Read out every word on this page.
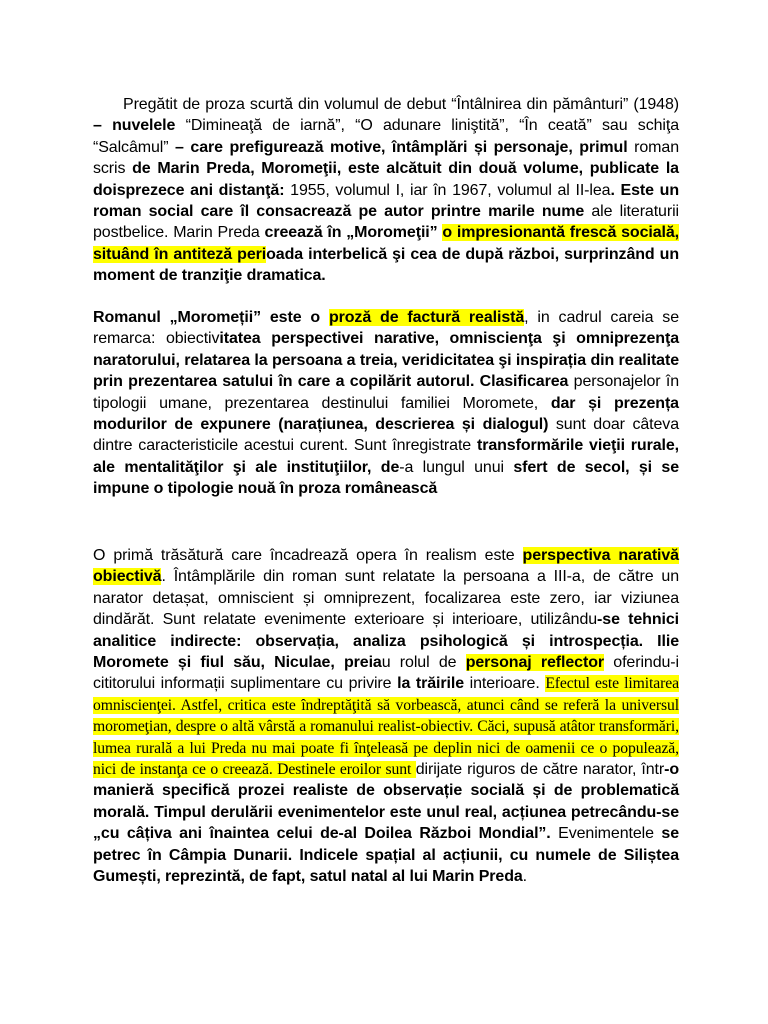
Pregătit de proza scurtă din volumul de debut “Întâlnirea din pământuri” (1948) – nuvelele “Dimineaţă de iarnă”, “O adunare liniştită”, “În ceată” sau schiţa “Salcâmul” – care prefigurează motive, întâmplări și personaje, primul roman scris de Marin Preda, Moromeţii, este alcătuit din două volume, publicate la doisprezece ani distanţă: 1955, volumul I, iar în 1967, volumul al II-lea. Este un roman social care îl consacrează pe autor printre marile nume ale literaturii postbelice. Marin Preda creează în „Moromeţii” o impresionantă frescă socială, situând în antiteză perioada interbelică şi cea de după război, surprinzând un moment de tranziţie dramatica.

Romanul „Moromeții” este o proză de factură realistă, in cadrul careia se remarca: obiectivitatea perspectivei narative, omniscienţa şi omniprezenţa naratorului, relatarea la persoana a treia, veridicitatea şi inspirația din realitate prin prezentarea satului în care a copilărit autorul. Clasificarea personajelor în tipologii umane, prezentarea destinului familiei Moromete, dar și prezența modurilor de expunere (narațiunea, descrierea și dialogul) sunt doar câteva dintre caracteristicile acestui curent. Sunt înregistrate transformările vieţii rurale, ale mentalităţilor şi ale instituţiilor, de-a lungul unui sfert de secol, și se impune o tipologie nouă în proza românească

O primă trăsătură care încadrează opera în realism este perspectiva narativă obiectivă. Întâmplările din roman sunt relatate la persoana a III-a, de către un narator detașat, omniscient și omniprezent, focalizarea este zero, iar viziunea dindărăt. Sunt relatate evenimente exterioare și interioare, utilizându-se tehnici analitice indirecte: observația, analiza psihologică și introspecția. Ilie Moromete și fiul său, Niculae, preiau rolul de personaj reflector oferindu-i cititorului informații suplimentare cu privire la trăirile interioare. Efectul este limitarea omniscienţei. Astfel, critica este îndreptăţită să vorbească, atunci când se referă la universul moromeţian, despre o altă vârstă a romanului realist-obiectiv. Căci, supusă atâtor transformări, lumea rurală a lui Preda nu mai poate fi înţeleasă pe deplin nici de oamenii ce o populează, nici de instanţa ce o creează. Destinele eroilor sunt dirijate riguros de către narator, într-o manieră specifică prozei realiste de observație socială și de problematică morală. Timpul derulării evenimentelor este unul real, acțiunea petrecându-se „cu câțiva ani înaintea celui de-al Doilea Război Mondial”. Evenimentele se petrec în Câmpia Dunarii. Indicele spațial al acțiunii, cu numele de Siliștea Gumești, reprezintă, de fapt, satul natal al lui Marin Preda.
